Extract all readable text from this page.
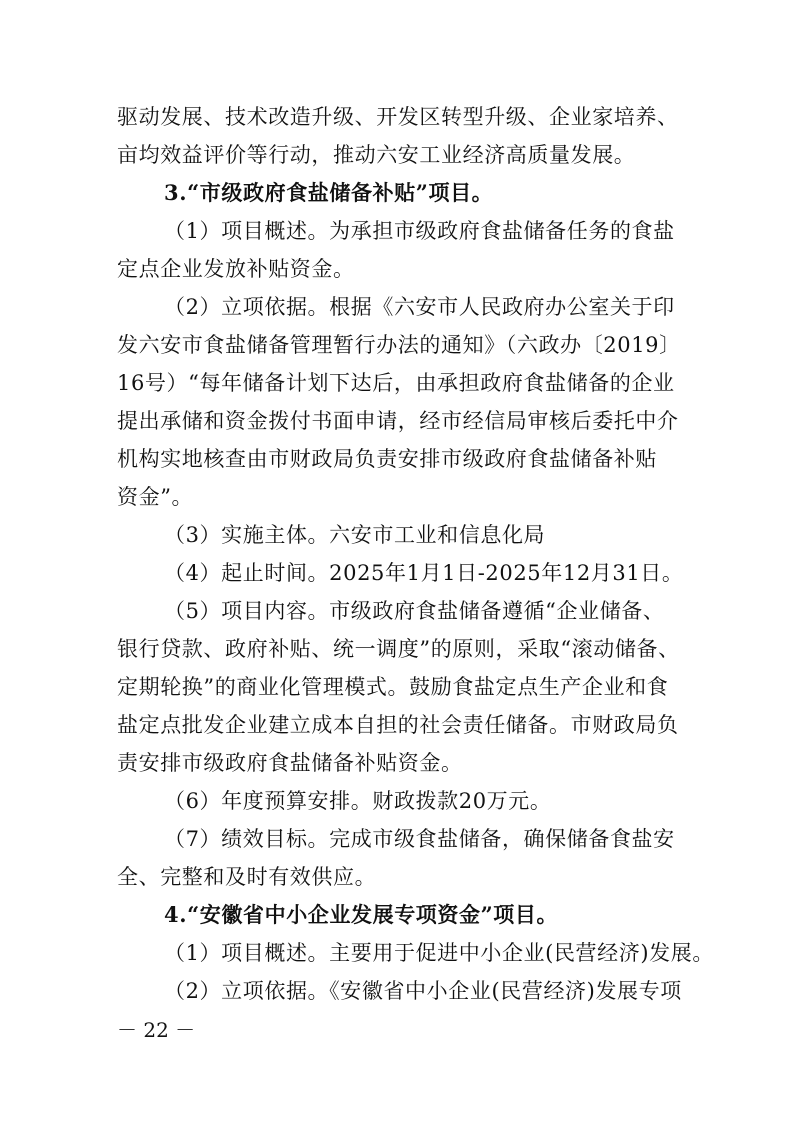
驱动发展、技术改造升级、开发区转型升级、企业家培养、
亩均效益评价等行动，推动六安工业经济高质量发展。
3.“市级政府食盐储备补贴”项目。
（1）项目概述。为承担市级政府食盐储备任务的食盐
定点企业发放补贴资金。
（2）立项依据。根据《六安市人民政府办公室关于印
发六安市食盐储备管理暂行办法的通知》（六政办〔2019〕
16号）“每年储备计划下达后，由承担政府食盐储备的企业
提出承储和资金拨付书面申请，经市经信局审核后委托中介
机构实地核查由市财政局负责安排市级政府食盐储备补贴
资金”。
（3）实施主体。六安市工业和信息化局
（4）起止时间。2025年1月1日-2025年12月31日。
（5）项目内容。市级政府食盐储备遵循“企业储备、
银行贷款、政府补贴、统一调度”的原则，采取“滚动储备、
定期轮换”的商业化管理模式。鼓励食盐定点生产企业和食
盐定点批发企业建立成本自担的社会责任储备。市财政局负
责安排市级政府食盐储备补贴资金。
（6）年度预算安排。财政拨款20万元。
（7）绩效目标。完成市级食盐储备，确保储备食盐安
全、完整和及时有效供应。
4.“安徽省中小企业发展专项资金”项目。
（1）项目概述。主要用于促进中小企业(民营经济)发展。
（2）立项依据。《安徽省中小企业(民营经济)发展专项
－ 22 －
